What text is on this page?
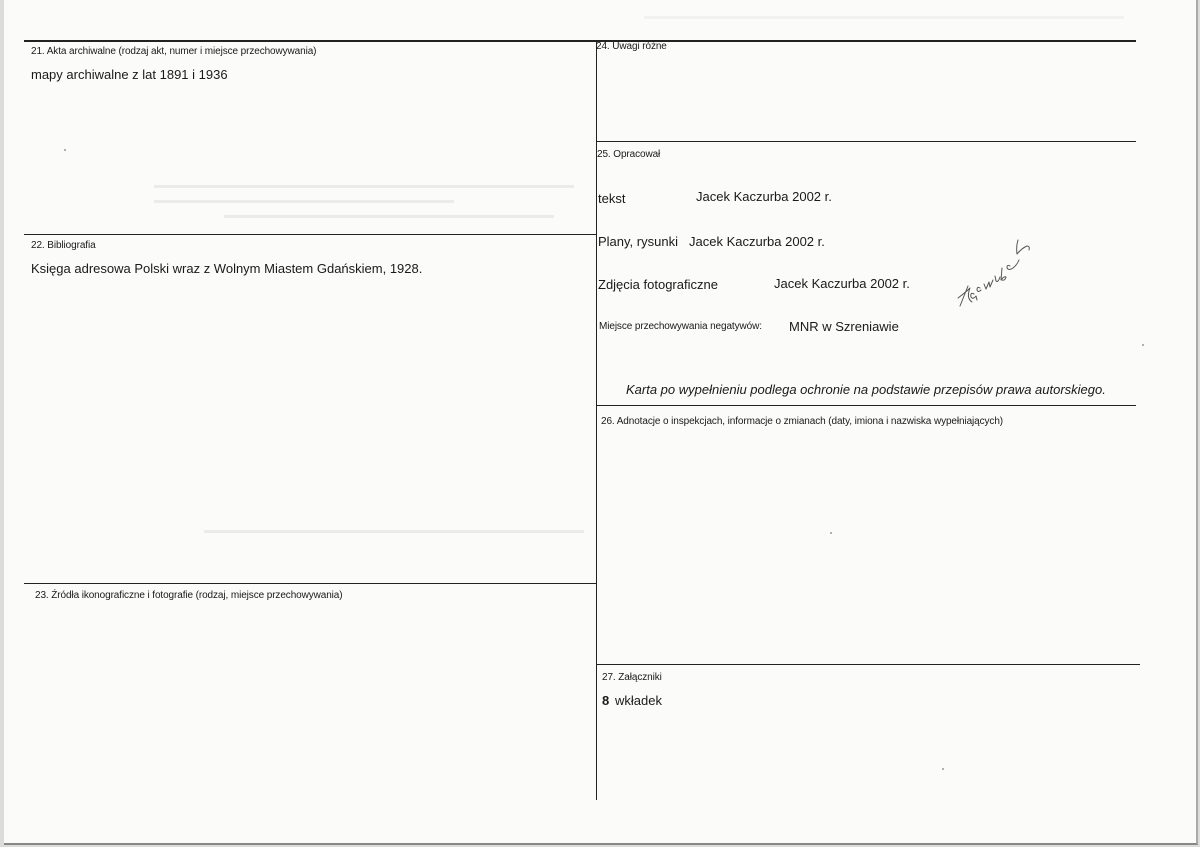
21. Akta archiwalne (rodzaj akt, numer i miejsce przechowywania)
mapy archiwalne z lat 1891 i 1936
22. Bibliografia
Księga adresowa Polski wraz z Wolnym Miastem Gdańskiem, 1928.
23. Źródła ikonograficzne i fotografie (rodzaj, miejsce przechowywania)
24. Uwagi różne
25. Opracował
tekst	Jacek Kaczurba 2002 r.
Plany, rysunki Jacek Kaczurba 2002 r.
Zdjęcia fotograficzne	Jacek Kaczurba 2002 r.
Miejsce przechowywania negatywów: MNR w Szreniawie
Karta po wypełnieniu podlega ochronie na podstawie przepisów prawa autorskiego.
26. Adnotacje o inspekcjach, informacje o zmianach (daty, imiona i nazwiska wypełniających)
27. Załączniki
8 wkładek
